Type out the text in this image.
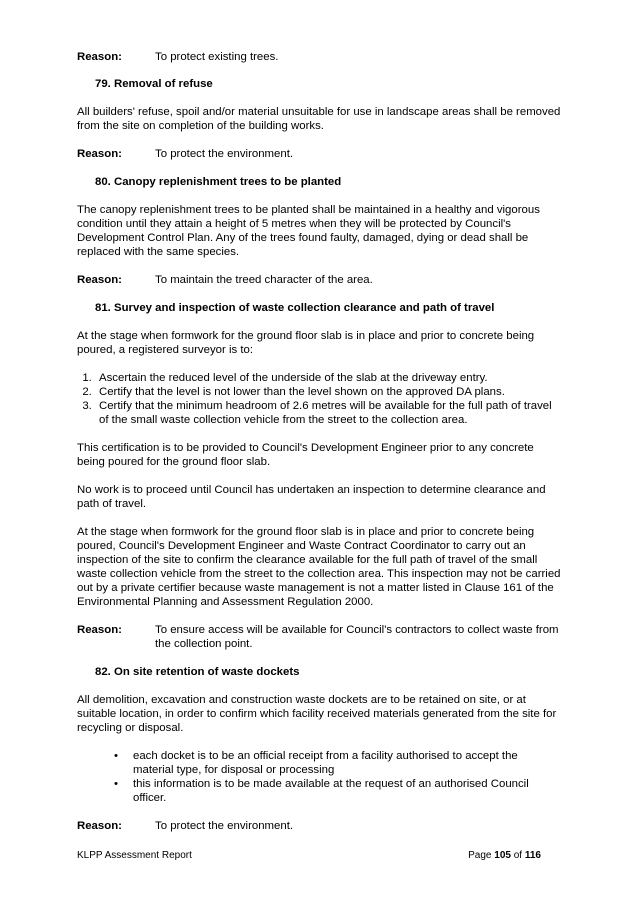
Reason:	To protect existing trees.
79. Removal of refuse

All builders' refuse, spoil and/or material unsuitable for use in landscape areas shall be removed from the site on completion of the building works.

Reason:	To protect the environment.
80. Canopy replenishment trees to be planted

The canopy replenishment trees to be planted shall be maintained in a healthy and vigorous condition until they attain a height of 5 metres when they will be protected by Council's Development Control Plan. Any of the trees found faulty, damaged, dying or dead shall be replaced with the same species.

Reason:	To maintain the treed character of the area.
81. Survey and inspection of waste collection clearance and path of travel

At the stage when formwork for the ground floor slab is in place and prior to concrete being poured, a registered surveyor is to:

1. Ascertain the reduced level of the underside of the slab at the driveway entry.
2. Certify that the level is not lower than the level shown on the approved DA plans.
3. Certify that the minimum headroom of 2.6 metres will be available for the full path of travel of the small waste collection vehicle from the street to the collection area.

This certification is to be provided to Council's Development Engineer prior to any concrete being poured for the ground floor slab.

No work is to proceed until Council has undertaken an inspection to determine clearance and path of travel.

At the stage when formwork for the ground floor slab is in place and prior to concrete being poured, Council's Development Engineer and Waste Contract Coordinator to carry out an inspection of the site to confirm the clearance available for the full path of travel of the small waste collection vehicle from the street to the collection area. This inspection may not be carried out by a private certifier because waste management is not a matter listed in Clause 161 of the Environmental Planning and Assessment Regulation 2000.

Reason:	To ensure access will be available for Council's contractors to collect waste from the collection point.
82. On site retention of waste dockets

All demolition, excavation and construction waste dockets are to be retained on site, or at suitable location, in order to confirm which facility received materials generated from the site for recycling or disposal.

• each docket is to be an official receipt from a facility authorised to accept the material type, for disposal or processing
• this information is to be made available at the request of an authorised Council officer.
Reason:	To protect the environment.
KLPP Assessment Report	Page 105 of 116
